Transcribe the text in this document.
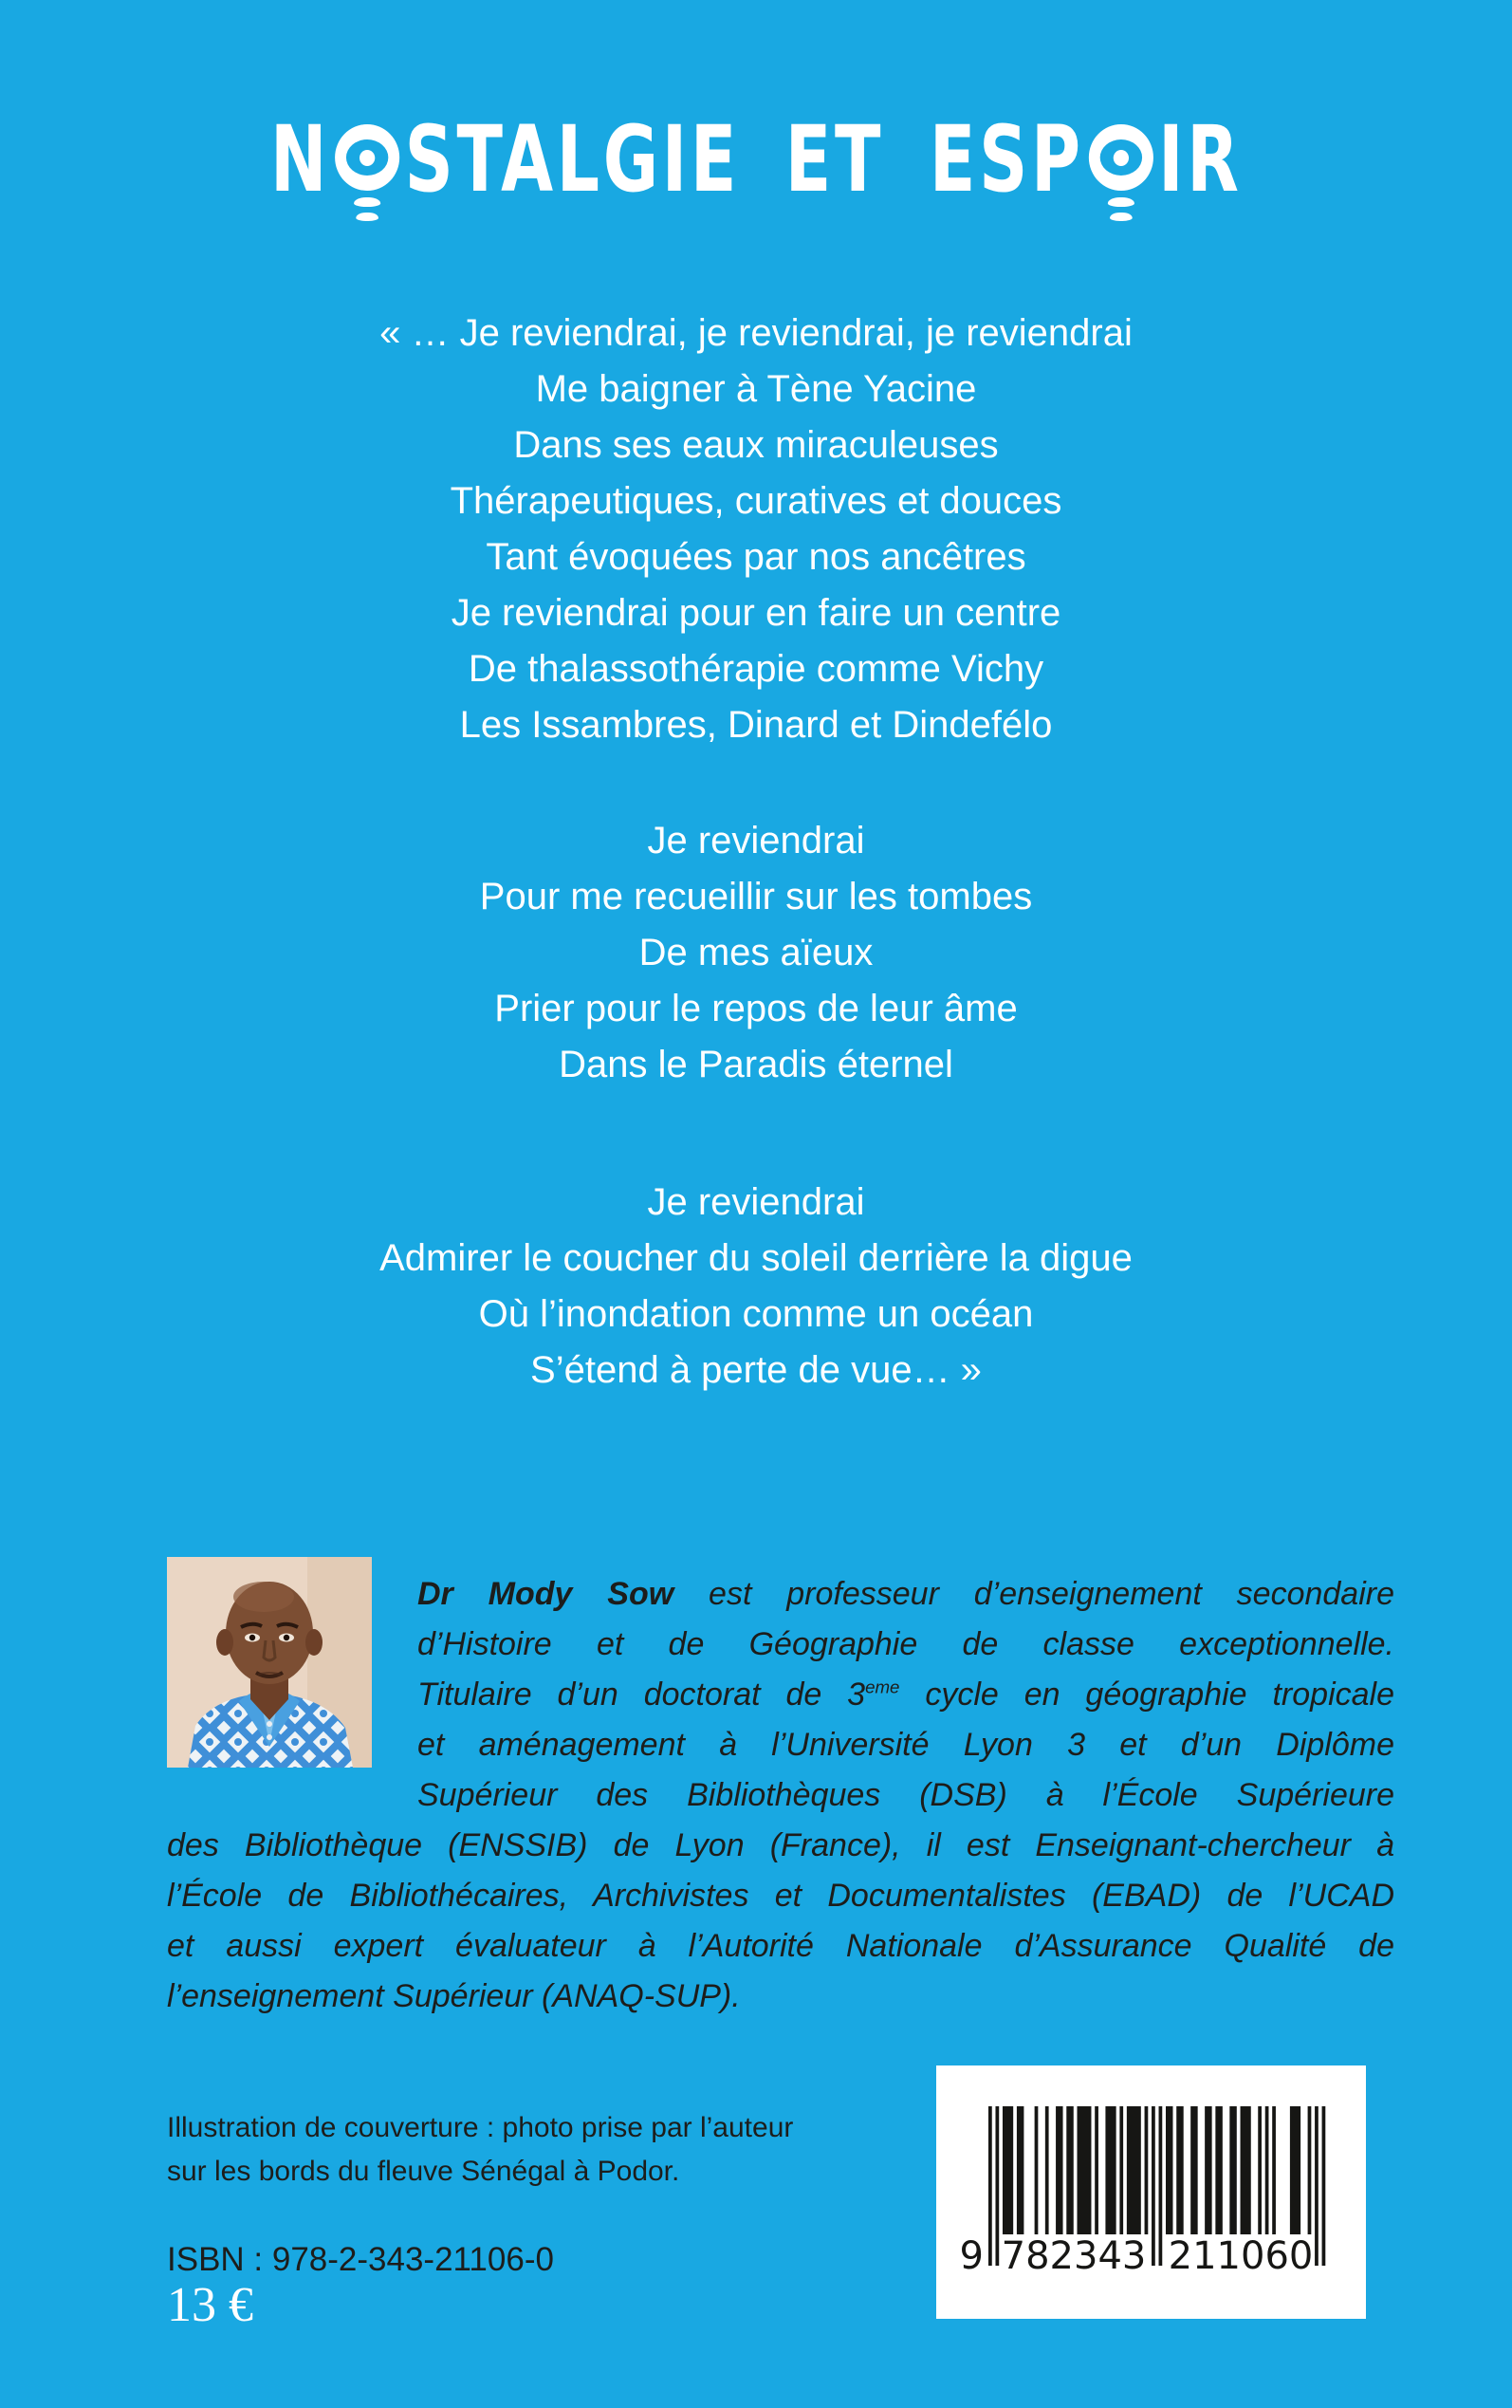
N STALGIE ET ESP IR
« … Je reviendrai, je reviendrai, je reviendrai
Me baigner à Tène Yacine
Dans ses eaux miraculeuses
Thérapeutiques, curatives et douces
Tant évoquées par nos ancêtres
Je reviendrai pour en faire un centre
De thalassothérapie comme Vichy
Les Issambres, Dinard et Dindefélo
Je reviendrai
Pour me recueillir sur les tombes
De mes aïeux
Prier pour le repos de leur âme
Dans le Paradis éternel
Je reviendrai
Admirer le coucher du soleil derrière la digue
Où l’inondation comme un océan
S’étend à perte de vue… »
Dr Mody Sow est professeur d’enseignement secondaire
d’Histoire et de Géographie de classe exceptionnelle.
Titulaire d’un doctorat de 3eme cycle en géographie tropicale
et aménagement à l’Université Lyon 3 et d’un Diplôme
Supérieur des Bibliothèques (DSB) à l’École Supérieure
des Bibliothèque (ENSSIB) de Lyon (France), il est Enseignant-chercheur à
l’École de Bibliothécaires, Archivistes et Documentalistes (EBAD) de l’UCAD
et aussi expert évaluateur à l’Autorité Nationale d’Assurance Qualité de
l’enseignement Supérieur (ANAQ-SUP).
Illustration de couverture : photo prise par l’auteur
sur les bords du fleuve Sénégal à Podor.
ISBN : 978-2-343-21106-0
13 €
9 782343 211060
